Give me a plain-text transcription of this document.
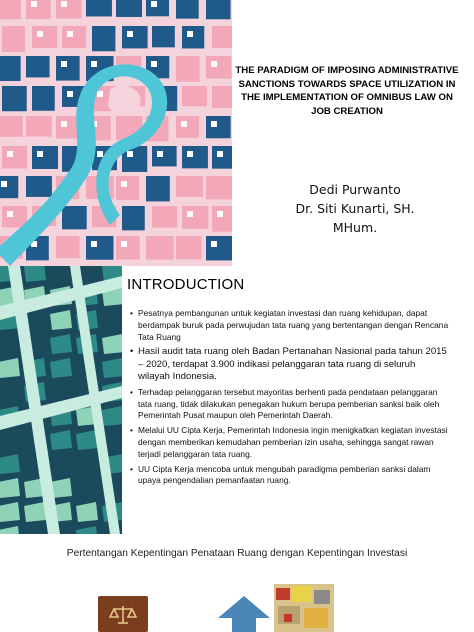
THE PARADIGM OF IMPOSING ADMINISTRATIVE SANCTIONS TOWARDS SPACE UTILIZATION IN THE IMPLEMENTATION OF OMNIBUS LAW ON JOB CREATION
Dedi Purwanto
Dr. Siti Kunarti, SH.
MHum.
INTRODUCTION
• Pesatnya pembangunan untuk kegiatan investasi dan ruang kehidupan, dapat berdampak buruk pada perwujudan tata ruang yang bertentangan dengan Rencana Tata Ruang
• Hasil audit tata ruang oleh Badan Pertanahan Nasional pada tahun 2015 – 2020, terdapat 3.900 indikasi pelanggaran tata ruang di seluruh wilayah Indonesia.
• Terhadap pelanggaran tersebut mayoritas berhenti pada pendataan pelanggaran tata ruang, tidak dilakukan penegakan hukum berupa pemberian sanksi baik oleh Pemerintah Pusat maupun oleh Pemerintah Daerah.
• Melalui UU Cipta Kerja, Pemerintah Indonesia ingin menigkatkan kegiatan investasi dengan memberikan kemudahan pemberian izin usaha, sehingga sangat rawan terjadi pelanggaran tata ruang.
• UU Cipta Kerja mencoba untuk mengubah paradigma pemberian sanksi dalam upaya pengendalian pemanfaatan ruang.
Pertentangan Kepentingan Penataan Ruang dengan Kepentingan Investasi
